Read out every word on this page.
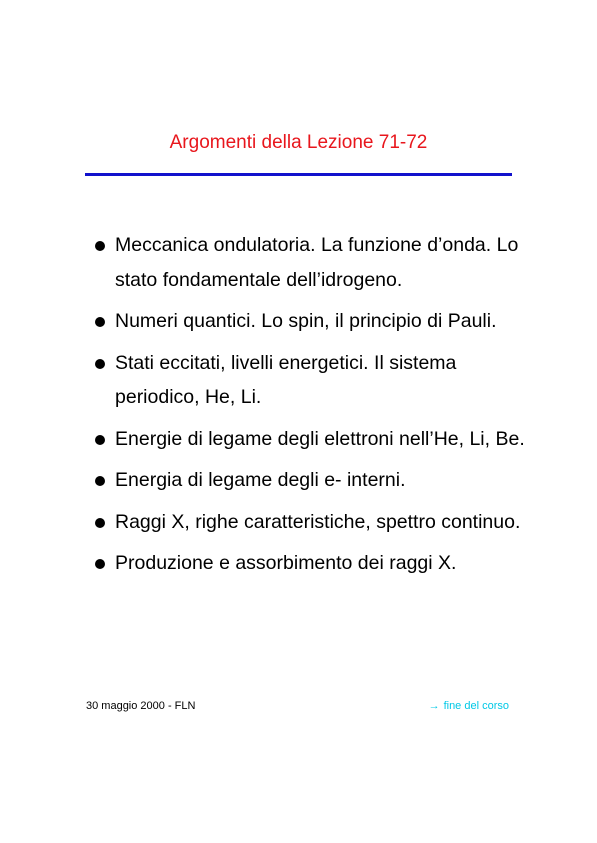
Argomenti della Lezione 71-72
Meccanica ondulatoria. La funzione d’onda. Lo stato fondamentale dell’idrogeno.
Numeri quantici. Lo spin, il principio di Pauli.
Stati eccitati, livelli energetici. Il sistema periodico, He, Li.
Energie di legame degli elettroni nell’He, Li, Be.
Energia di legame degli e- interni.
Raggi X, righe caratteristiche, spettro continuo.
Produzione e assorbimento dei raggi X.
30 maggio 2000 - FLN	→ fine del corso
